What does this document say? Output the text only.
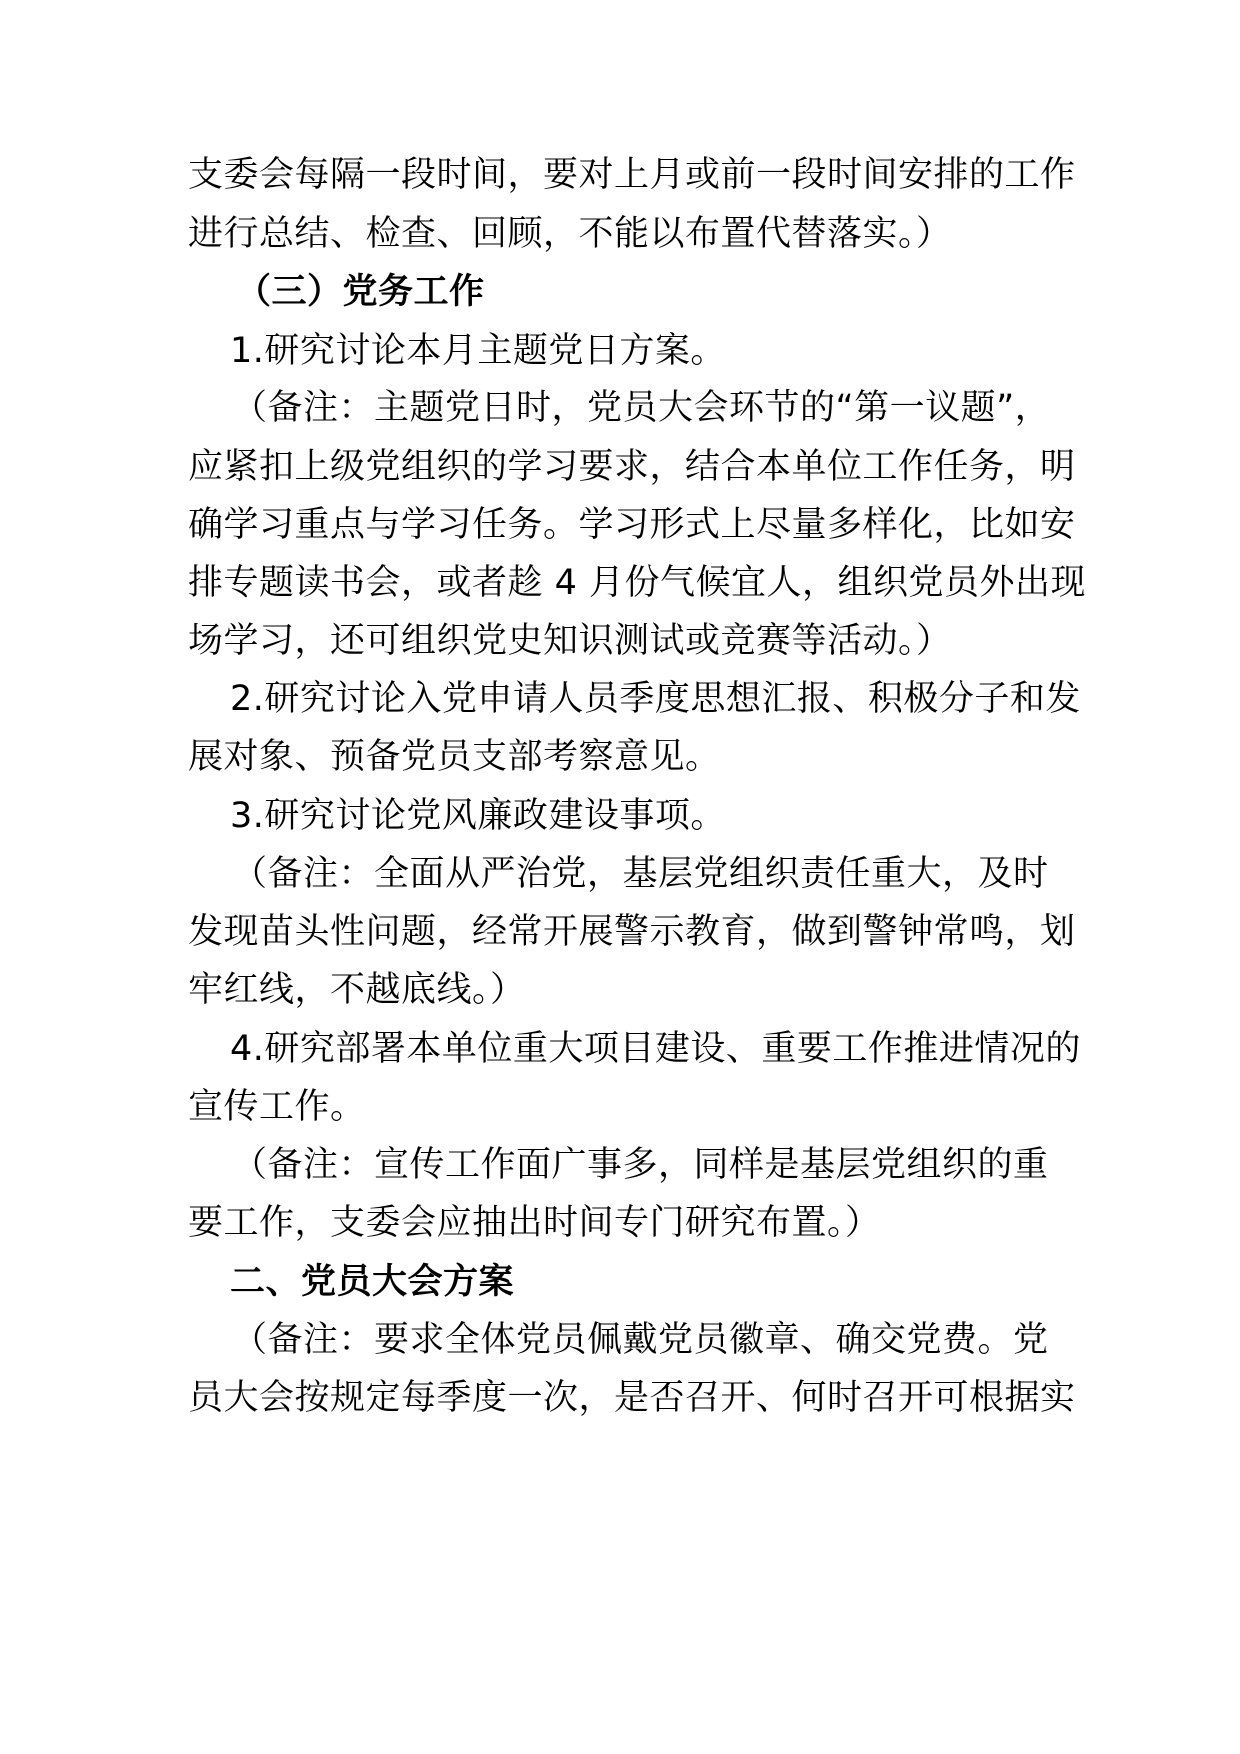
支委会每隔一段时间，要对上月或前一段时间安排的工作
进行总结、检查、回顾，不能以布置代替落实。）
（三）党务工作
1.研究讨论本月主题党日方案。
（备注：主题党日时，党员大会环节的“第一议题”，
应紧扣上级党组织的学习要求，结合本单位工作任务，明
确学习重点与学习任务。学习形式上尽量多样化，比如安
排专题读书会，或者趁 4 月份气候宜人，组织党员外出现
场学习，还可组织党史知识测试或竞赛等活动。）
2.研究讨论入党申请人员季度思想汇报、积极分子和发
展对象、预备党员支部考察意见。
3.研究讨论党风廉政建设事项。
（备注：全面从严治党，基层党组织责任重大，及时
发现苗头性问题，经常开展警示教育，做到警钟常鸣，划
牢红线，不越底线。）
4.研究部署本单位重大项目建设、重要工作推进情况的
宣传工作。
（备注：宣传工作面广事多，同样是基层党组织的重
要工作，支委会应抽出时间专门研究布置。）
二、党员大会方案
（备注：要求全体党员佩戴党员徽章、确交党费。党
员大会按规定每季度一次，是否召开、何时召开可根据实
